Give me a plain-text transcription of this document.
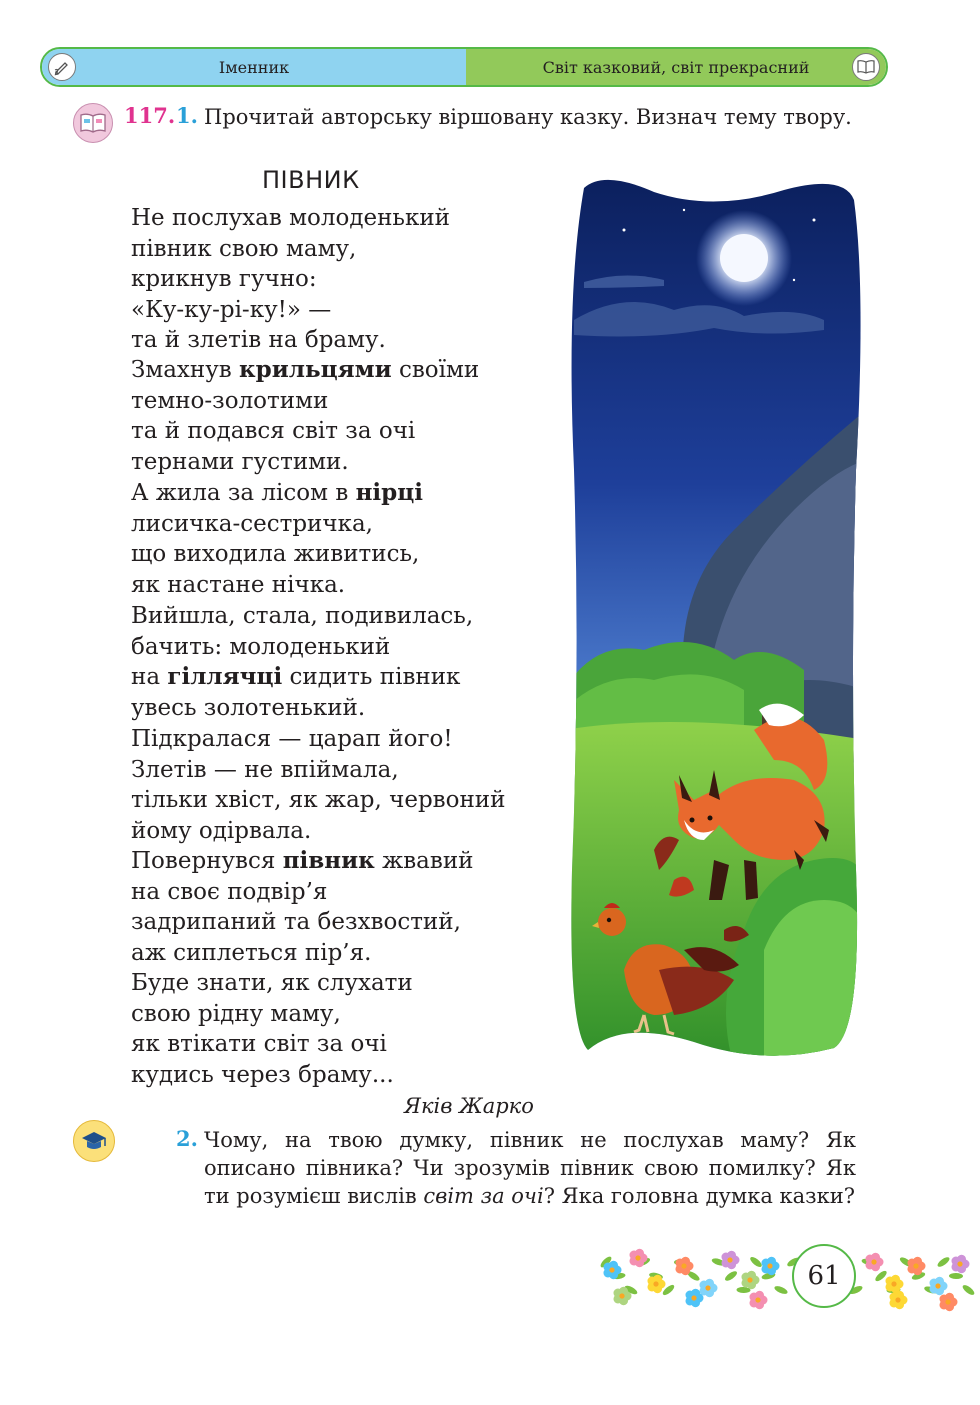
Іменник	Світ казковий, світ прекрасний
117. 1. Прочитай авторську віршовану казку. Визнач тему твору.
ПІВНИК
Не послухав молоденький
півник свою маму,
крикнув гучно:
«Ку-ку-рі-ку!» —
та й злетів на браму.
Змахнув крильцями своїми
темно-золотими
та й подався світ за очі
тернами густими.
А жила за лісом в нірці
лисичка-сестричка,
що виходила живитись,
як настане нічка.
Вийшла, стала, подивилась,
бачить: молоденький
на гіллячці сидить півник
увесь золотенький.
Підкралася — царап його!
Злетів — не впіймала,
тільки хвіст, як жар, червоний
йому одірвала.
Повернувся півник жвавий
на своє подвір’я
задрипаний та безхвостий,
аж сиплеться пір’я.
Буде знати, як слухати
свою рідну маму,
як втікати світ за очі
кудись через браму...
Яків Жарко
2. Чому, на твою думку, півник не послухав маму? Як описано півника? Чи зрозумів півник свою помилку? Як ти розумієш вислів світ за очі? Яка головна думка казки?
61
